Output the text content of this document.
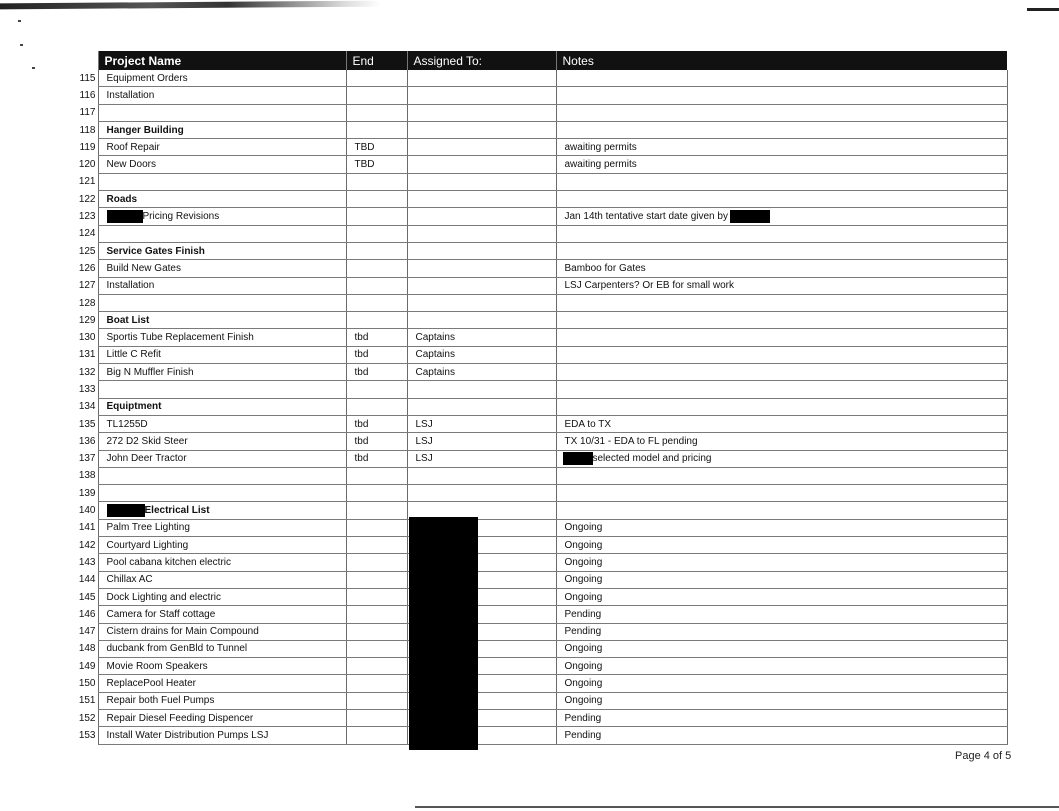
	Project Name	End	Assigned To:	Notes
115	Equipment Orders			
116	Installation			
117				
118	Hanger Building			
119	Roof Repair	TBD		awaiting permits
120	New Doors	TBD		awaiting permits
121				
122	Roads			
123	Pricing Revisions			Jan 14th tentative start date given by
124				
125	Service Gates Finish			
126	Build New Gates			Bamboo for Gates
127	Installation			LSJ Carpenters? Or EB for small work
128				
129	Boat List			
130	Sportis Tube Replacement Finish	tbd	Captains	
131	Little C Refit	tbd	Captains	
132	Big N Muffler Finish	tbd	Captains	
133				
134	Equiptment			
135	TL1255D	tbd	LSJ	EDA to TX
136	272 D2 Skid Steer	tbd	LSJ	TX 10/31 - EDA to FL pending
137	John Deer Tractor	tbd	LSJ	selected model and pricing
138				
139				
140	Electrical List			
141	Palm Tree Lighting			Ongoing
142	Courtyard Lighting			Ongoing
143	Pool cabana kitchen electric			Ongoing
144	Chillax AC			Ongoing
145	Dock Lighting and electric			Ongoing
146	Camera for Staff cottage			Pending
147	Cistern drains for Main Compound			Pending
148	ducbank from GenBld to Tunnel			Ongoing
149	Movie Room Speakers			Ongoing
150	ReplacePool Heater			Ongoing
151	Repair both Fuel Pumps			Ongoing
152	Repair Diesel Feeding Dispencer			Pending
153	Install Water Distribution Pumps LSJ			Pending
Page 4 of 5
